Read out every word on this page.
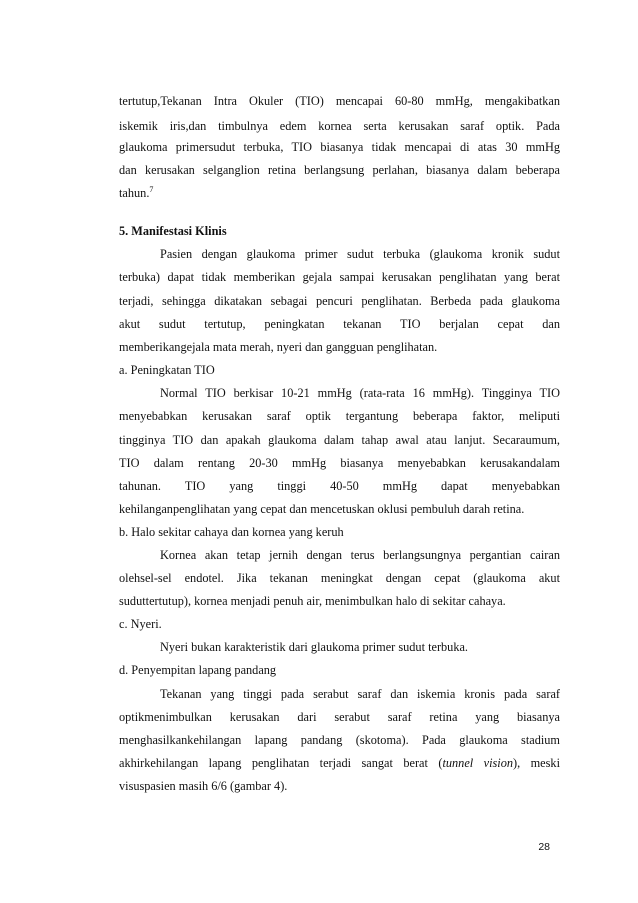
tertutup,Tekanan Intra Okuler (TIO) mencapai 60-80 mmHg, mengakibatkan
iskemik iris,dan timbulnya edem kornea serta kerusakan saraf optik. Pada
glaukoma primersudut terbuka, TIO biasanya tidak mencapai di atas 30 mmHg
dan kerusakan selganglion retina berlangsung perlahan, biasanya dalam beberapa
tahun.$^7$
5. Manifestasi Klinis
Pasien dengan glaukoma primer sudut terbuka (glaukoma kronik sudut
terbuka) dapat tidak memberikan gejala sampai kerusakan penglihatan yang berat
terjadi, sehingga dikatakan sebagai pencuri penglihatan. Berbeda pada glaukoma
akut sudut tertutup, peningkatan tekanan TIO berjalan cepat dan
memberikangejala mata merah, nyeri dan gangguan penglihatan.
a. Peningkatan TIO
Normal TIO berkisar 10-21 mmHg (rata-rata 16 mmHg). Tingginya TIO
menyebabkan kerusakan saraf optik tergantung beberapa faktor, meliputi
tingginya TIO dan apakah glaukoma dalam tahap awal atau lanjut. Secaraumum,
TIO dalam rentang 20-30 mmHg biasanya menyebabkan kerusakandalam
tahunan. TIO yang tinggi 40-50 mmHg dapat menyebabkan
kehilanganpenglihatan yang cepat dan mencetuskan oklusi pembuluh darah retina.
b. Halo sekitar cahaya dan kornea yang keruh
Kornea akan tetap jernih dengan terus berlangsungnya pergantian cairan
olehsel-sel endotel. Jika tekanan meningkat dengan cepat (glaukoma akut
suduttertutup), kornea menjadi penuh air, menimbulkan halo di sekitar cahaya.
c. Nyeri.
Nyeri bukan karakteristik dari glaukoma primer sudut terbuka.
d. Penyempitan lapang pandang
Tekanan yang tinggi pada serabut saraf dan iskemia kronis pada saraf
optikmenimbulkan kerusakan dari serabut saraf retina yang biasanya
menghasilkankehilangan lapang pandang (skotoma). Pada glaukoma stadium
akhirkehilangan lapang penglihatan terjadi sangat berat (tunnel vision), meski
visuspasien masih 6/6 (gambar 4).
28
